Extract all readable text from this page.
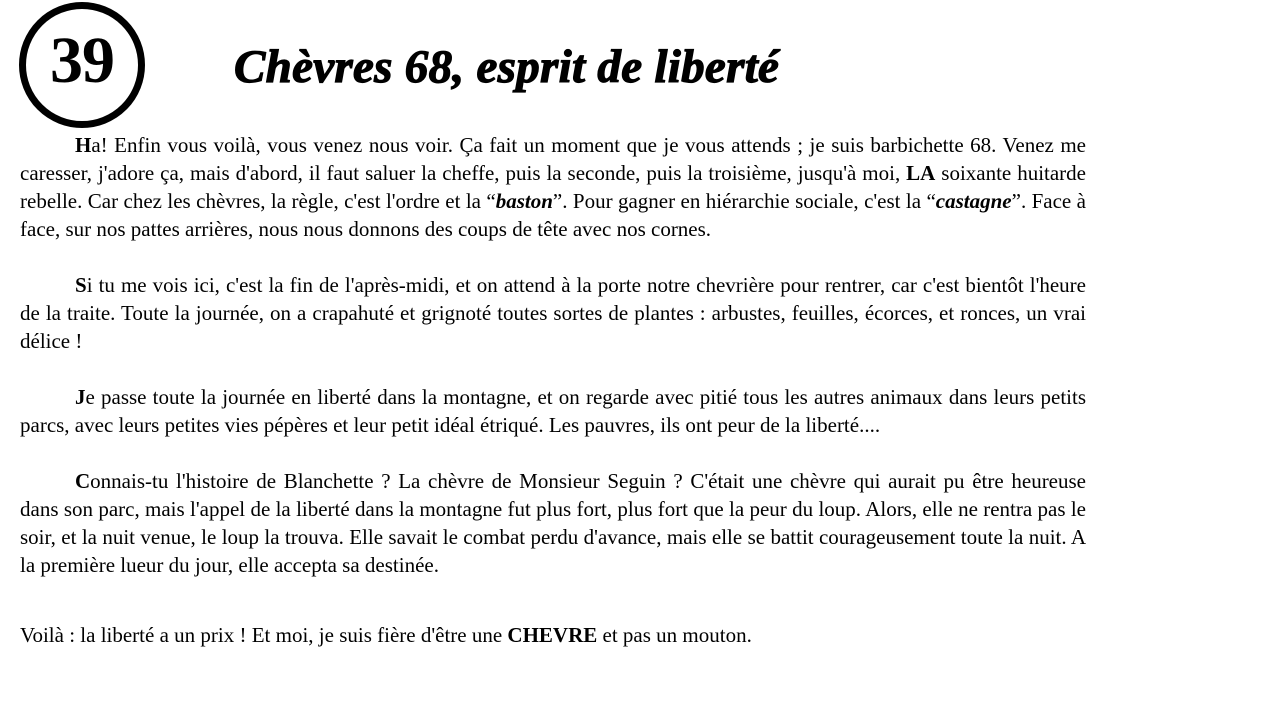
39	Chèvres 68, esprit de liberté

Ha! Enfin vous voilà, vous venez nous voir. Ça fait un moment que je vous attends ; je suis barbichette 68. Venez me caresser, j'adore ça, mais d'abord, il faut saluer la cheffe, puis la seconde, puis la troisième, jusqu'à moi, LA soixante huitarde rebelle. Car chez les chèvres, la règle, c'est l'ordre et la “baston”. Pour gagner en hiérarchie sociale, c'est la “castagne”. Face à face, sur nos pattes arrières, nous nous donnons des coups de tête avec nos cornes.

Si tu me vois ici, c'est la fin de l'après-midi, et on attend à la porte notre chevrière pour rentrer, car c'est bientôt l'heure de la traite. Toute la journée, on a crapahuté et grignoté toutes sortes de plantes : arbustes, feuilles, écorces, et ronces, un vrai délice !

Je passe toute la journée en liberté dans la montagne, et on regarde avec pitié tous les autres animaux dans leurs petits parcs, avec leurs petites vies pépères et leur petit idéal étriqué. Les pauvres, ils ont peur de la liberté....

Connais-tu l'histoire de Blanchette ? La chèvre de Monsieur Seguin ? C'était une chèvre qui aurait pu être heureuse dans son parc, mais l'appel de la liberté dans la montagne fut plus fort, plus fort que la peur du loup. Alors, elle ne rentra pas le soir, et la nuit venue, le loup la trouva. Elle savait le combat perdu d'avance, mais elle se battit courageusement toute la nuit. A la première lueur du jour, elle accepta sa destinée.

Voilà : la liberté a un prix ! Et moi, je suis fière d'être une CHEVRE et pas un mouton.
